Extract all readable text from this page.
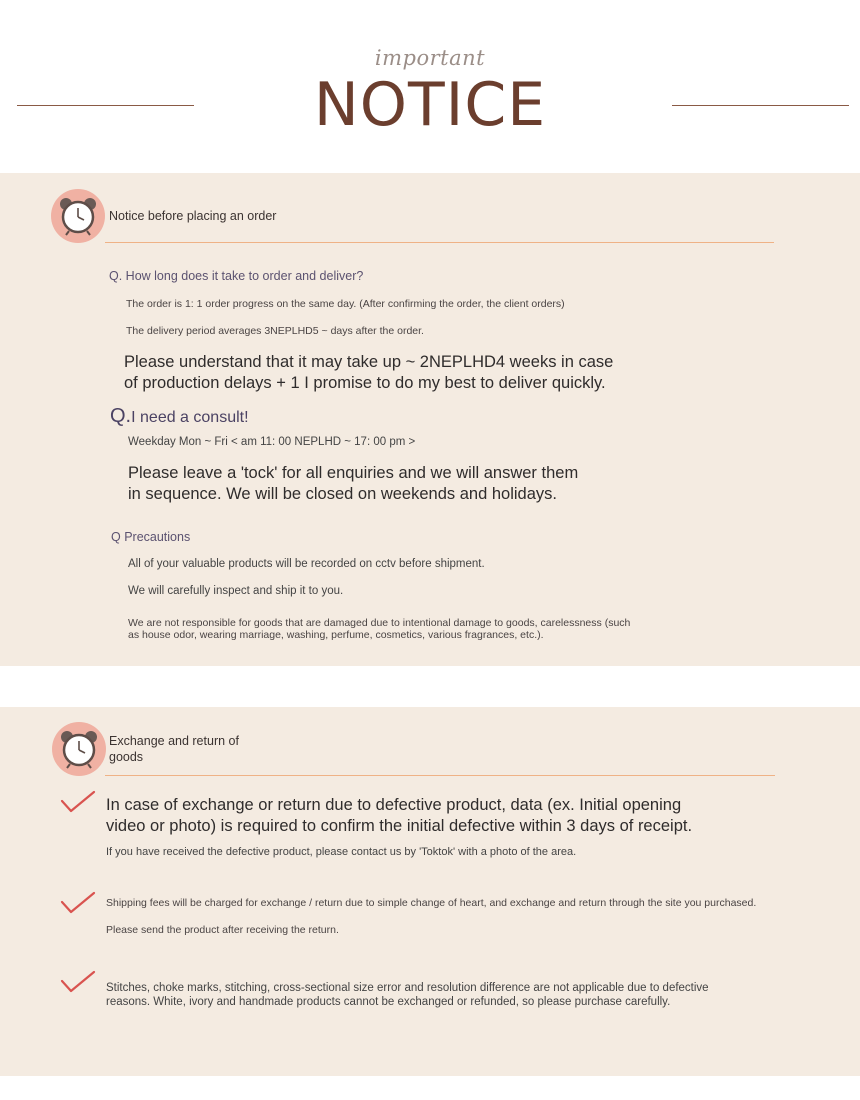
important
NOTICE
Notice before placing an order
Q. How long does it take to order and deliver?
The order is 1: 1 order progress on the same day. (After confirming the order, the client orders)
The delivery period averages 3NEPLHD5 ~ days after the order.
Please understand that it may take up ~ 2NEPLHD4 weeks in case
of production delays + 1 I promise to do my best to deliver quickly.
Q.I need a consult!
Weekday Mon ~ Fri < am 11: 00 NEPLHD ~ 17: 00 pm >
Please leave a 'tock' for all enquiries and we will answer them
in sequence. We will be closed on weekends and holidays.
Q Precautions
All of your valuable products will be recorded on cctv before shipment.
We will carefully inspect and ship it to you.
We are not responsible for goods that are damaged due to intentional damage to goods, carelessness (such
as house odor, wearing marriage, washing, perfume, cosmetics, various fragrances, etc.).
Exchange and return of
goods
In case of exchange or return due to defective product, data (ex. Initial opening
video or photo) is required to confirm the initial defective within 3 days of receipt.
If you have received the defective product, please contact us by 'Toktok' with a photo of the area.
Shipping fees will be charged for exchange / return due to simple change of heart, and exchange and return through the site you purchased.
Please send the product after receiving the return.
Stitches, choke marks, stitching, cross-sectional size error and resolution difference are not applicable due to defective
reasons. White, ivory and handmade products cannot be exchanged or refunded, so please purchase carefully.
